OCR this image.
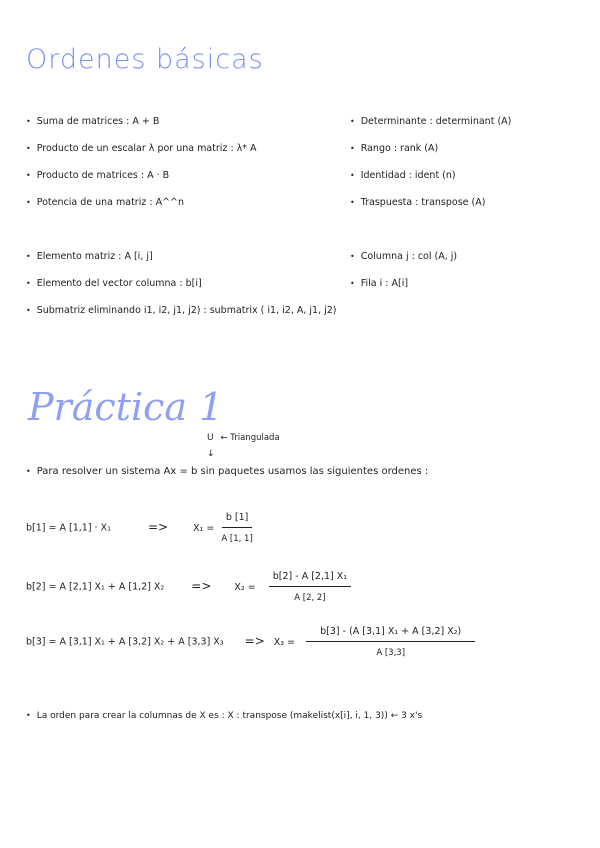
Ordenes básicas
• Suma de matrices : A + B
• Producto de un escalar λ por una matriz : λ* A
• Producto de matrices : A · B
• Potencia de una matriz : A^^n
• Determinante : determinant (A)
• Rango : rank (A)
• Identidad : ident (n)
• Traspuesta : transpose (A)
• Elemento matriz : A [i, j]
• Elemento del vector columna : b[i]
• Submatriz eliminando i1, i2, j1, j2) : submatrix ( i1, i2, A, j1, j2)
• Columna j : col (A, j)
• Fila i : A[i]
Práctica 1
U ← Triangulada
↓
• Para resolver un sistema Ax = b sin paquetes usamos las siguientes ordenes :
b[1] = A [1,1] · X₁	=>	$X_1 = \frac{b [1]}{A [1, 1]}$
b[2] = A [2,1] X₁ + A [1,2] $X_2 => X_2 = \frac{\text{b[2] - A [2,1] X₁}}{A [2, 2]}$
b[3] = A [3,1] X₁ + A [3,2] X₂ + A [3,3] $X_3 => X_3 = \frac{\text{b[3] - (A [3,1] X₁ + A [3,2] X₂)}}{A [3,3]}$
• La orden para crear la columnas de X es : X : transpose (makelist(x[i], i, 1, 3)) ← 3 x's
